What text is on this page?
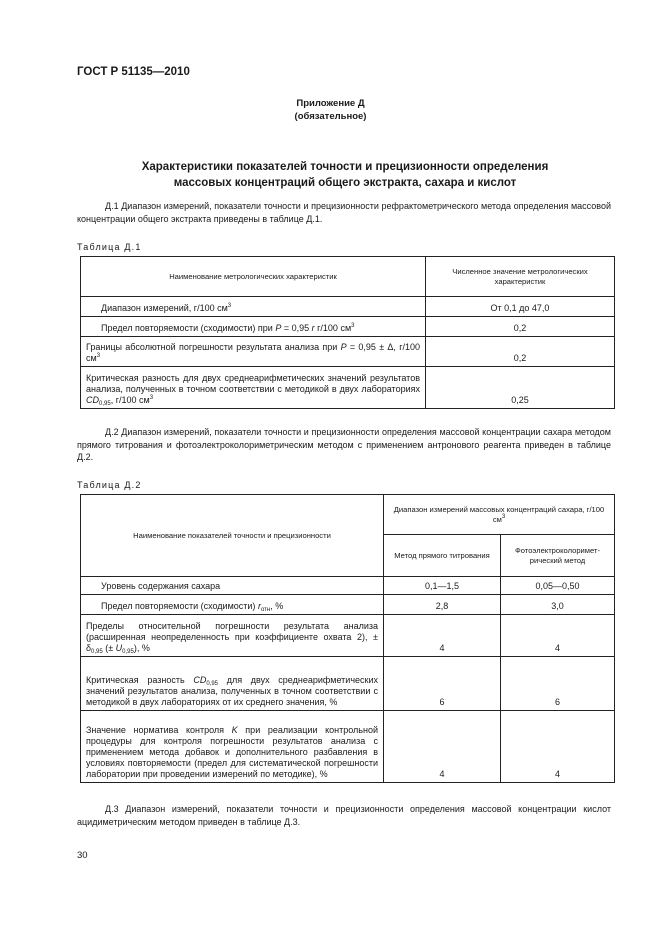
ГОСТ Р 51135—2010
Приложение Д
(обязательное)
Характеристики показателей точности и прецизионности определения
массовых концентраций общего экстракта, сахара и кислот
Д.1 Диапазон измерений, показатели точности и прецизионности рефрактометрического метода определения массовой концентрации общего экстракта приведены в таблице Д.1.
Таблица Д.1
Наименование метрологических характеристик	Численное значение метрологических характеристик
Диапазон измерений, г/100 $см^3$	От 0,1 до 47,0
Предел повторяемости (сходимости) при P = 0,95 r г/100 $см^3$	0,2
Границы абсолютной погрешности результата анализа при P = 0,95 ± Δ, г/100 $см^3$	0,2
Критическая разность для двух среднеарифметических значений результатов анализа, полученных в точном соответствии с методикой в двух лабораториях $CD_{0,95}$, г/100 $см^3$	0,25
Д.2 Диапазон измерений, показатели точности и прецизионности определения массовой концентрации сахара методом прямого титрования и фотоэлектроколориметрическим методом с применением антронового реагента приведен в таблице Д.2.
Таблица Д.2
Наименование показателей точности и прецизионности	Диапазон измерений массовых концентраций сахара, г/100 $см^3$
	Метод прямого титрования	Фотоэлектроколориметрический метод
Уровень содержания сахара	0,1—1,5	0,05—0,50
Предел повторяемости (сходимости) $r_{отн}$, %	2,8	3,0
Пределы относительной погрешности результата анализа (расширенная неопределенность при коэффициенте охвата 2), ± $\delta_{0,95}$ (± $U_{0,95}$), %	4	4
Критическая разность $CD_{0,95}$ для двух среднеарифметических значений результатов анализа, полученных в точном соответствии с методикой в двух лабораториях от их среднего значения, %	6	6
Значение норматива контроля K при реализации контрольной процедуры для контроля погрешности результатов анализа с применением метода добавок и дополнительного разбавления в условиях повторяемости (предел для систематической погрешности лаборатории при проведении измерений по методике), %	4	4
Д.3 Диапазон измерений, показатели точности и прецизионности определения массовой концентрации кислот ацидиметрическим методом приведен в таблице Д.3.
30
